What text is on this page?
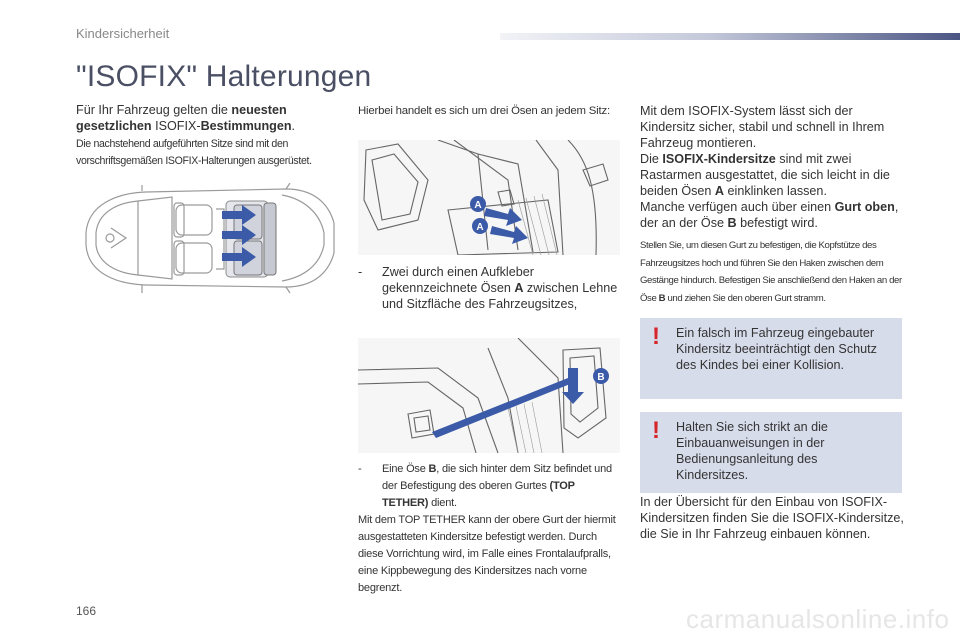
Kindersicherheit
"ISOFIX" Halterungen

Für Ihr Fahrzeug gelten die neuesten gesetzlichen ISOFIX-Bestimmungen.

Die nachstehend aufgeführten Sitze sind mit den vorschriftsgemäßen ISOFIX-Halterungen ausgerüstet.

Hierbei handelt es sich um drei Ösen an jedem Sitz:

A
A
- Zwei durch einen Aufkleber gekennzeichnete Ösen A zwischen Lehne und Sitzfläche des Fahrzeugsitzes,
B
- Eine Öse B, die sich hinter dem Sitz befindet und der Befestigung des oberen Gurtes (TOP TETHER) dient.

Mit dem TOP TETHER kann der obere Gurt der hiermit ausgestatteten Kindersitze befestigt werden. Durch diese Vorrichtung wird, im Falle eines Frontalaufpralls, eine Kippbewegung des Kindersitzes nach vorne begrenzt.

Mit dem ISOFIX-System lässt sich der Kindersitz sicher, stabil und schnell in Ihrem Fahrzeug montieren.

Die ISOFIX-Kindersitze sind mit zwei Rastarmen ausgestattet, die sich leicht in die beiden Ösen A einklinken lassen.

Manche verfügen auch über einen Gurt oben, der an der Öse B befestigt wird.

Stellen Sie, um diesen Gurt zu befestigen, die Kopfstütze des Fahrzeugsitzes hoch und führen Sie den Haken zwischen dem Gestänge hindurch. Befestigen Sie anschließend den Haken an der Öse B und ziehen Sie den oberen Gurt stramm.

! Ein falsch im Fahrzeug eingebauter Kindersitz beeinträchtigt den Schutz des Kindes bei einer Kollision.

! Halten Sie sich strikt an die Einbauanweisungen in der Bedienungsanleitung des Kindersitzes.

In der Übersicht für den Einbau von ISOFIX-Kindersitzen finden Sie die ISOFIX-Kindersitze, die Sie in Ihr Fahrzeug einbauen können.

166	carmanualsonline.info
